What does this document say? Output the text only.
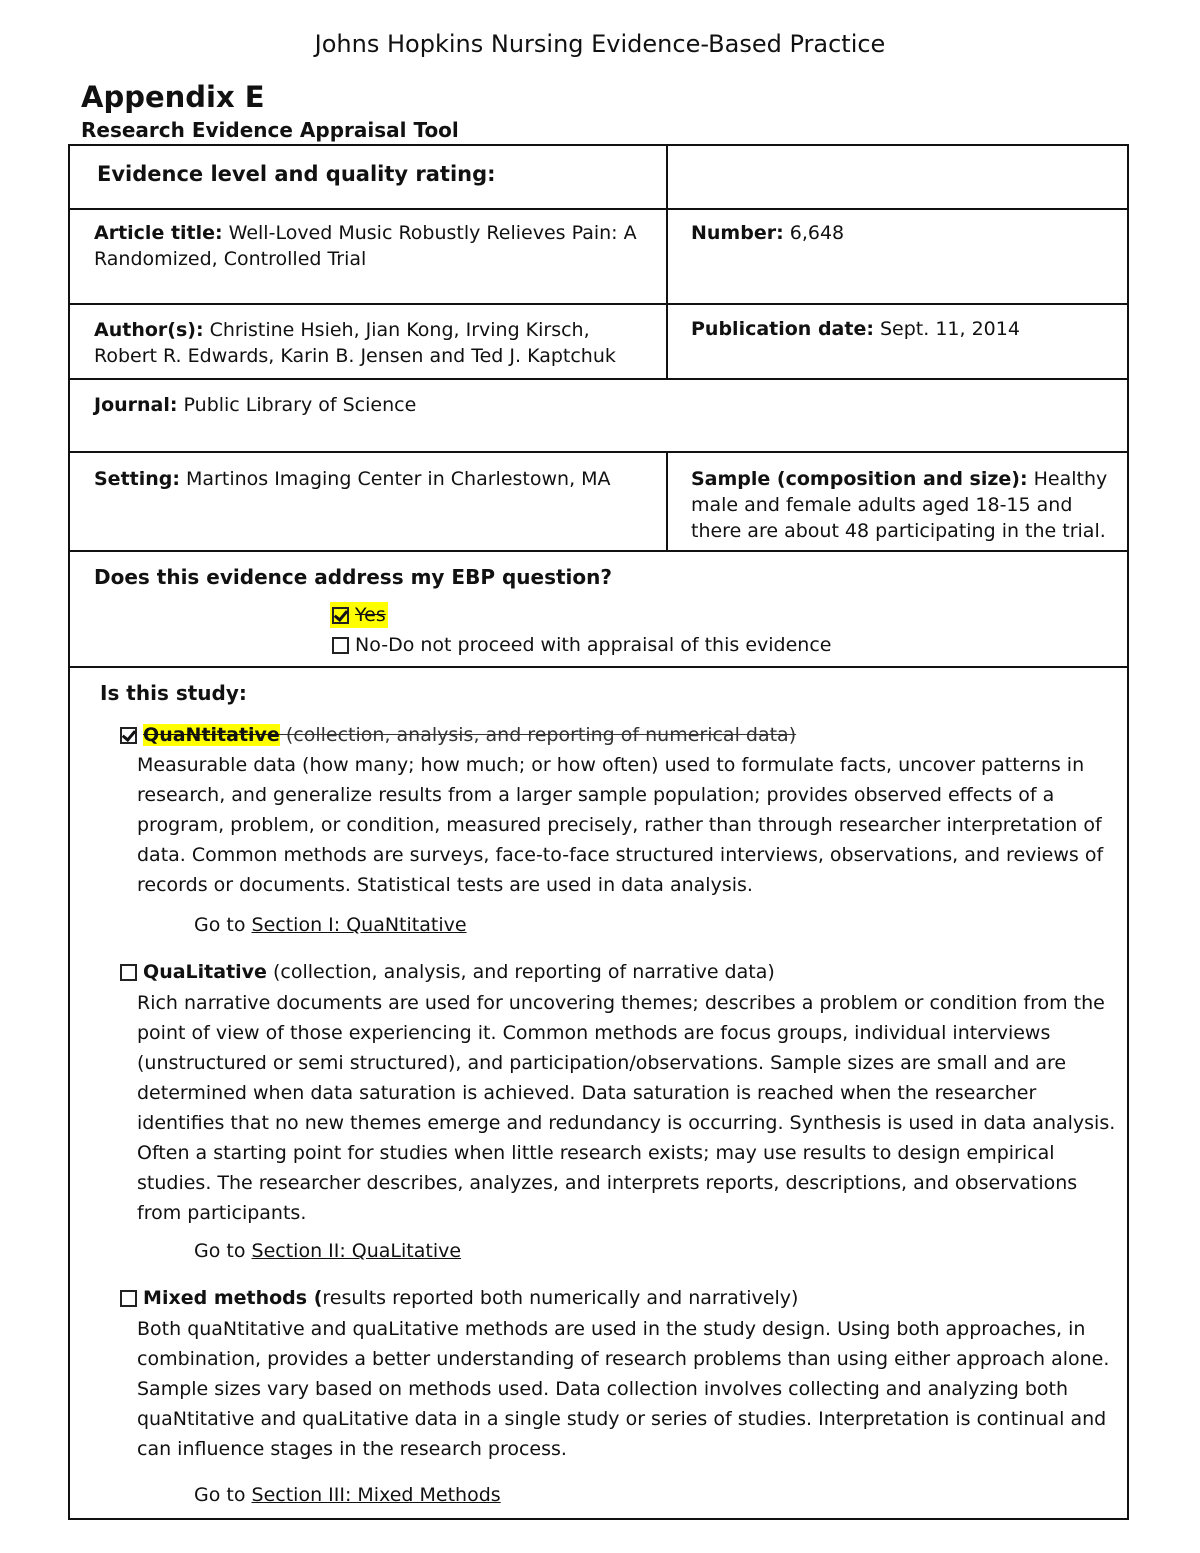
Johns Hopkins Nursing Evidence-Based Practice
Appendix E
Research Evidence Appraisal Tool
Evidence level and quality rating:
Article title: Well-Loved Music Robustly Relieves Pain: A Randomized, Controlled Trial
Number: 6,648
Author(s): Christine Hsieh, Jian Kong, Irving Kirsch, Robert R. Edwards, Karin B. Jensen and Ted J. Kaptchuk
Publication date: Sept. 11, 2014
Journal: Public Library of Science
Setting: Martinos Imaging Center in Charlestown, MA	Sample (composition and size): Healthy male and female adults aged 18-15 and there are about 48 participating in the trial.
Does this evidence address my EBP question?
Yes
No-Do not proceed with appraisal of this evidence
Is this study:
QuaNtitative (collection, analysis, and reporting of numerical data)
Measurable data (how many; how much; or how often) used to formulate facts, uncover patterns in research, and generalize results from a larger sample population; provides observed effects of a program, problem, or condition, measured precisely, rather than through researcher interpretation of data. Common methods are surveys, face-to-face structured interviews, observations, and reviews of records or documents. Statistical tests are used in data analysis.
Go to Section I: QuaNtitative
QuaLitative (collection, analysis, and reporting of narrative data)
Rich narrative documents are used for uncovering themes; describes a problem or condition from the point of view of those experiencing it. Common methods are focus groups, individual interviews (unstructured or semi structured), and participation/observations. Sample sizes are small and are determined when data saturation is achieved. Data saturation is reached when the researcher identifies that no new themes emerge and redundancy is occurring. Synthesis is used in data analysis. Often a starting point for studies when little research exists; may use results to design empirical studies. The researcher describes, analyzes, and interprets reports, descriptions, and observations from participants.
Go to Section II: QuaLitative
Mixed methods (results reported both numerically and narratively)
Both quaNtitative and quaLitative methods are used in the study design. Using both approaches, in combination, provides a better understanding of research problems than using either approach alone. Sample sizes vary based on methods used. Data collection involves collecting and analyzing both quaNtitative and quaLitative data in a single study or series of studies. Interpretation is continual and can influence stages in the research process.
Go to Section III: Mixed Methods
